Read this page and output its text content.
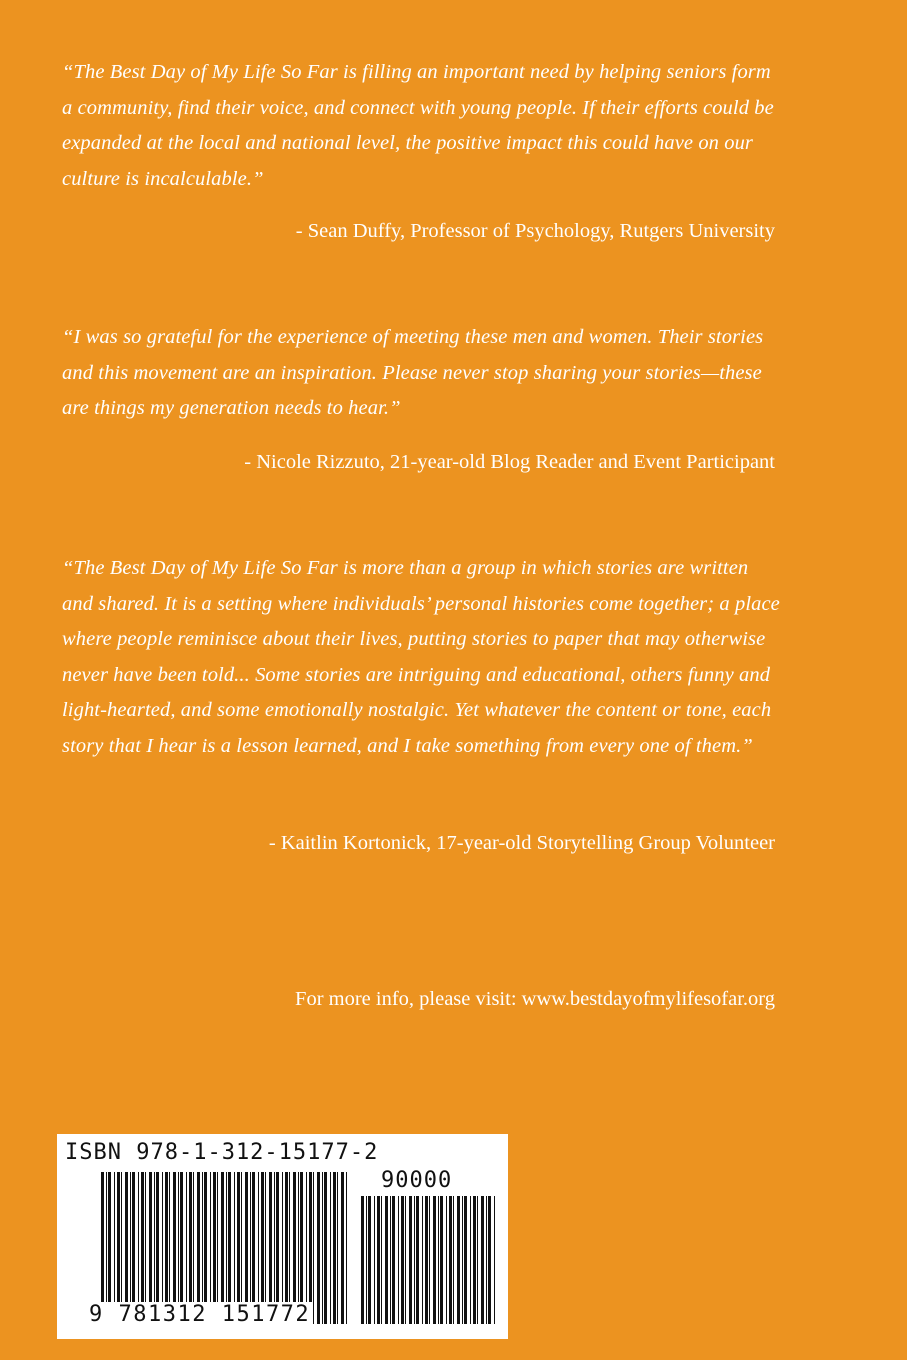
“The Best Day of My Life So Far is filling an important need by helping seniors form a community, find their voice, and connect with young people. If their efforts could be expanded at the local and national level, the positive impact this could have on our culture is incalculable.”

- Sean Duffy, Professor of Psychology, Rutgers University

“I was so grateful for the experience of meeting these men and women. Their stories and this movement are an inspiration. Please never stop sharing your stories—these are things my generation needs to hear.”

- Nicole Rizzuto, 21-year-old Blog Reader and Event Participant

“The Best Day of My Life So Far is more than a group in which stories are written and shared. It is a setting where individuals’ personal histories come together; a place where people reminisce about their lives, putting stories to paper that may otherwise never have been told... Some stories are intriguing and educational, others funny and light-hearted, and some emotionally nostalgic. Yet whatever the content or tone, each story that I hear is a lesson learned, and I take something from every one of them.”

- Kaitlin Kortonick, 17-year-old Storytelling Group Volunteer

For more info, please visit: www.bestdayofmylifesofar.org

ISBN 978-1-312-15177-2
90000
9 781312 151772
